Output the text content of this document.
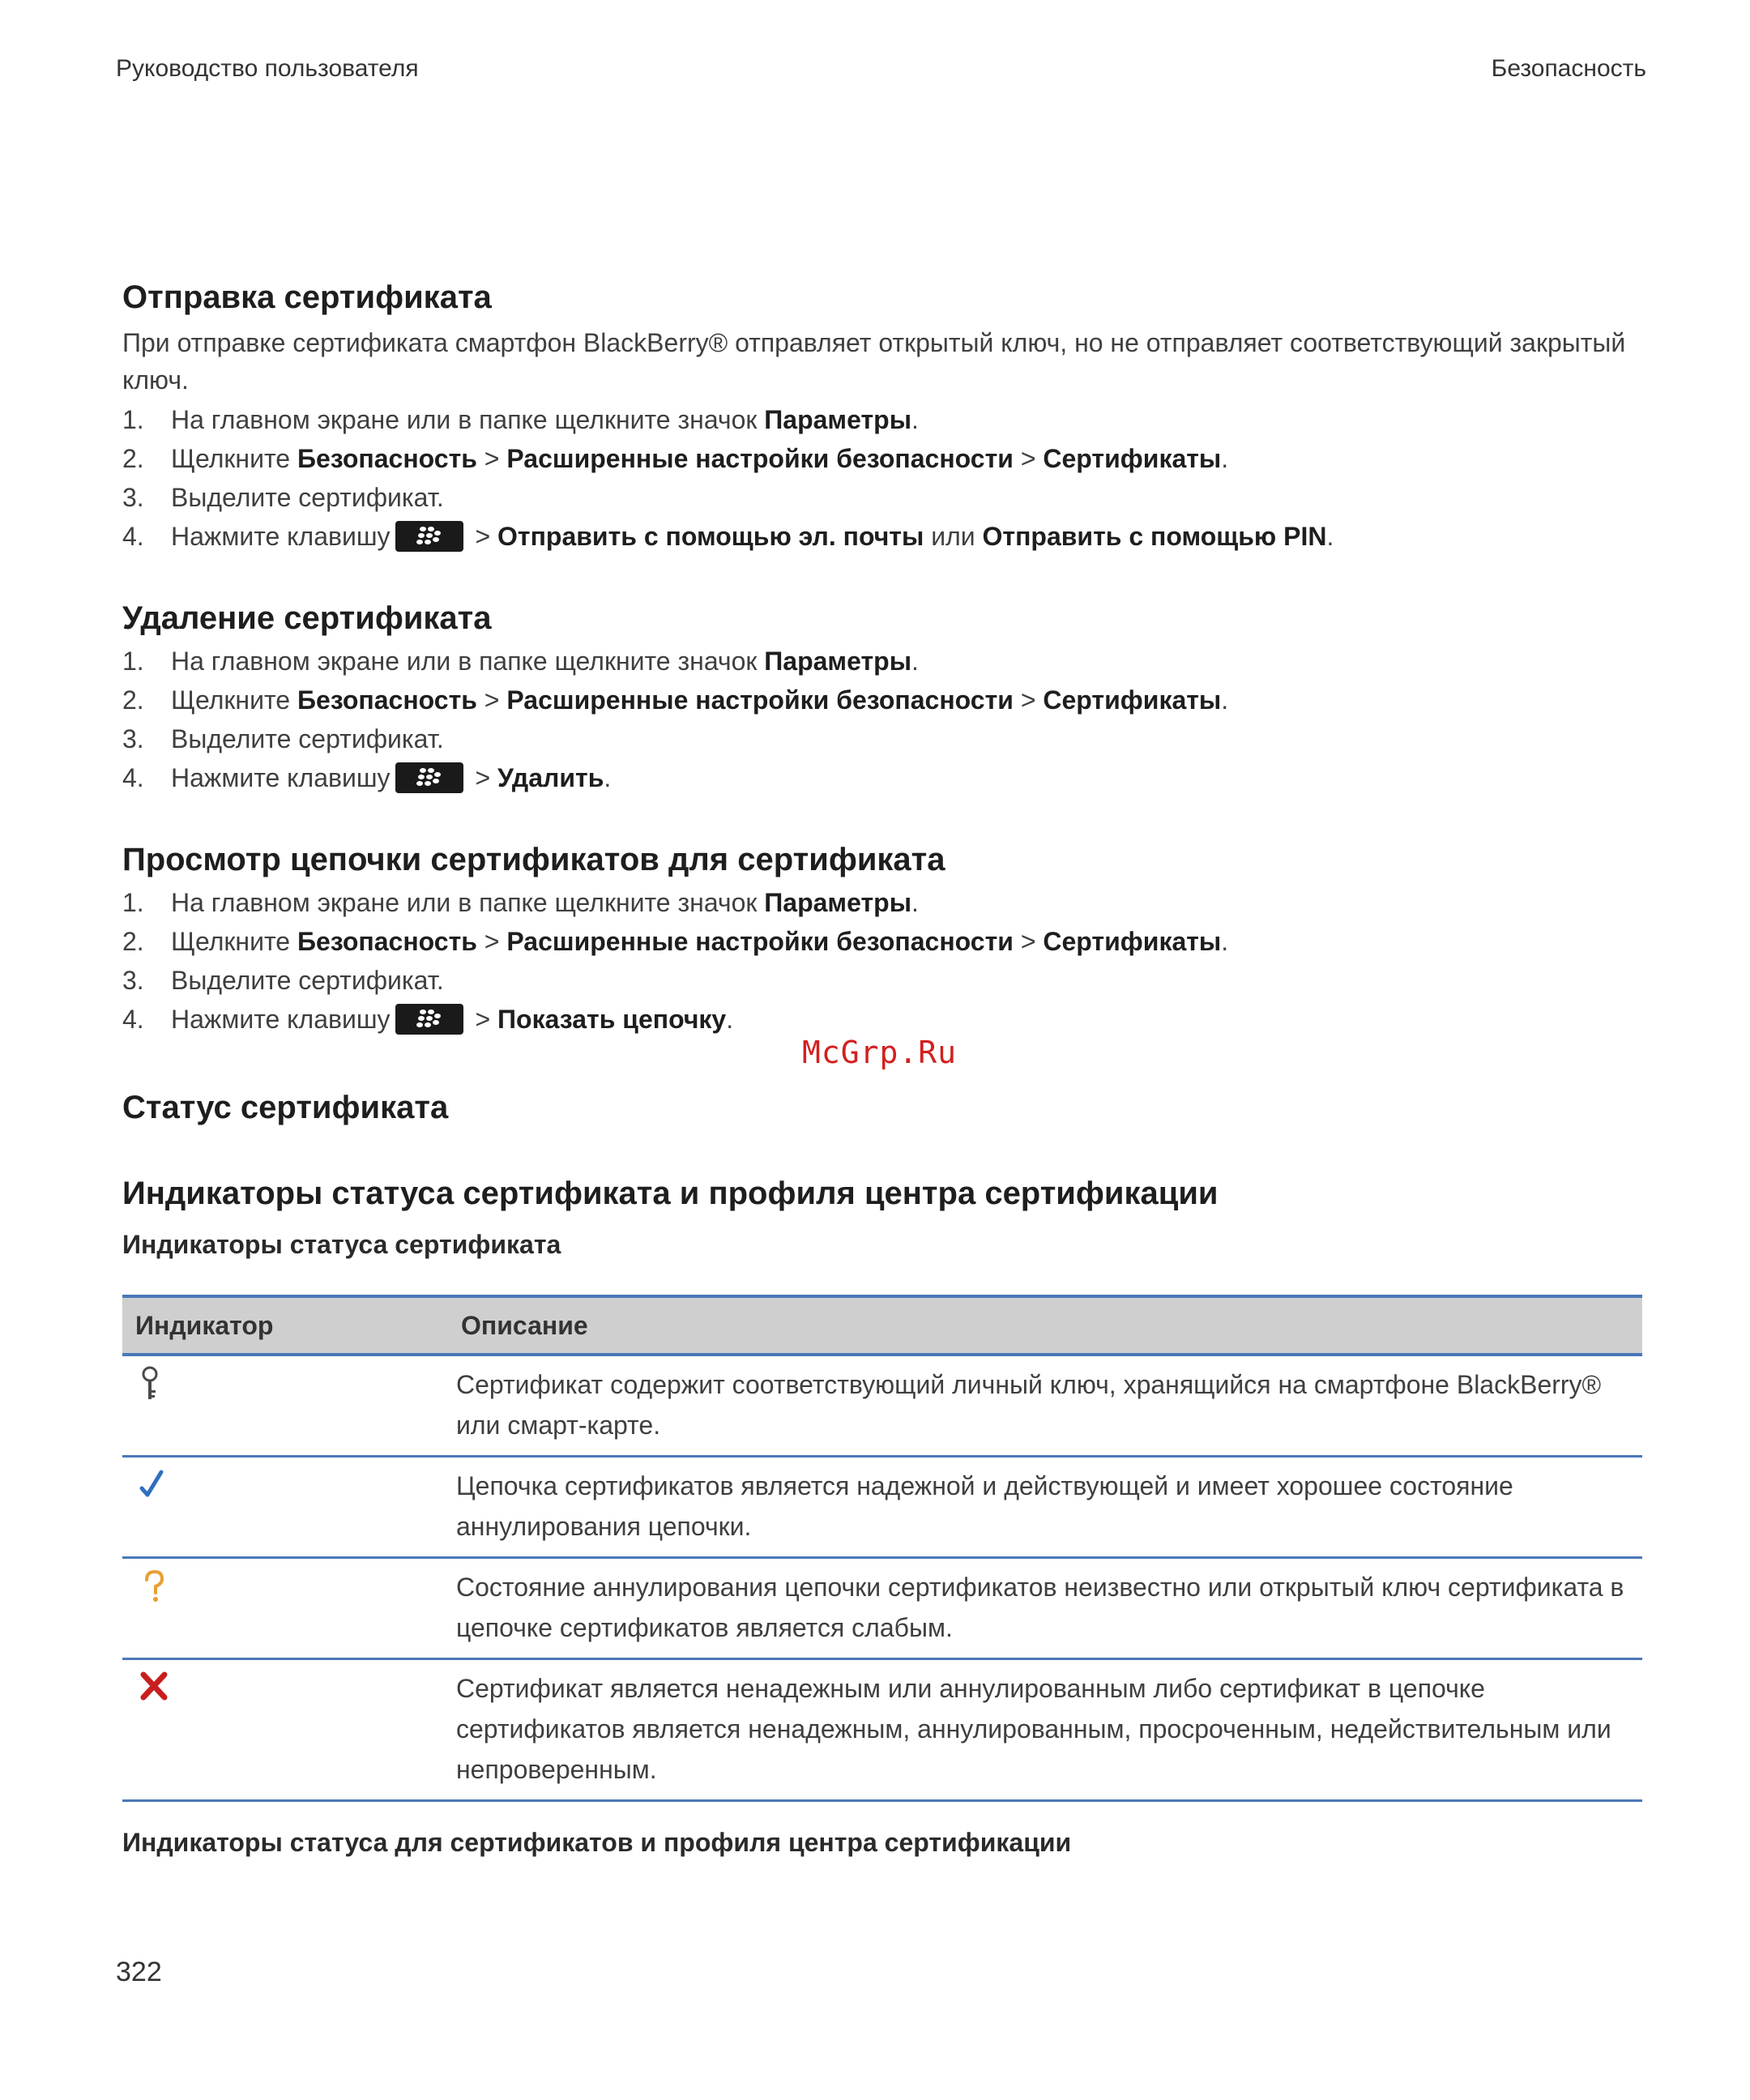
Руководство пользователя	Безопасность
Отправка сертификата

При отправке сертификата смартфон BlackBerry® отправляет открытый ключ, но не отправляет соответствующий закрытый ключ.

1. На главном экране или в папке щелкните значок Параметры.
2. Щелкните Безопасность > Расширенные настройки безопасности > Сертификаты.
3. Выделите сертификат.
4. Нажмите клавишу	> Отправить с помощью эл. почты или Отправить с помощью PIN.
Удаление сертификата
1. На главном экране или в папке щелкните значок Параметры.
2. Щелкните Безопасность > Расширенные настройки безопасности > Сертификаты.
3. Выделите сертификат.
4. Нажмите клавишу	> Удалить.
Просмотр цепочки сертификатов для сертификата
1. На главном экране или в папке щелкните значок Параметры.
2. Щелкните Безопасность > Расширенные настройки безопасности > Сертификаты.
3. Выделите сертификат.
4. Нажмите клавишу	> Показать цепочку.
Статус сертификата
Индикаторы статуса сертификата и профиля центра сертификации
Индикаторы статуса сертификата
Индикатор	Описание
	Сертификат содержит соответствующий личный ключ, хранящийся на смартфоне BlackBerry® или смарт-карте.
	Цепочка сертификатов является надежной и действующей и имеет хорошее состояние аннулирования цепочки.
	Состояние аннулирования цепочки сертификатов неизвестно или открытый ключ сертификата в цепочке сертификатов является слабым.
	Сертификат является ненадежным или аннулированным либо сертификат в цепочке сертификатов является ненадежным, аннулированным, просроченным, недействительным или непроверенным.
Индикаторы статуса для сертификатов и профиля центра сертификации
McGrp.Ru
322
